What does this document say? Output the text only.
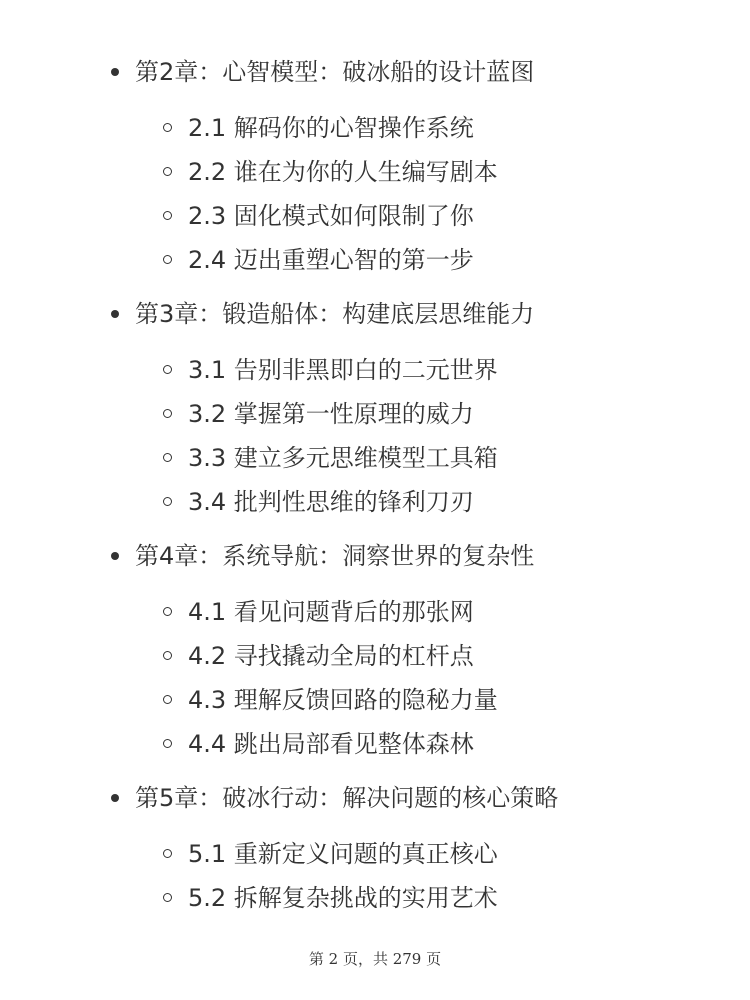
第2章：心智模型：破冰船的设计蓝图
2.1 解码你的心智操作系统
2.2 谁在为你的人生编写剧本
2.3 固化模式如何限制了你
2.4 迈出重塑心智的第一步
第3章：锻造船体：构建底层思维能力
3.1 告别非黑即白的二元世界
3.2 掌握第一性原理的威力
3.3 建立多元思维模型工具箱
3.4 批判性思维的锋利刀刃
第4章：系统导航：洞察世界的复杂性
4.1 看见问题背后的那张网
4.2 寻找撬动全局的杠杆点
4.3 理解反馈回路的隐秘力量
4.4 跳出局部看见整体森林
第5章：破冰行动：解决问题的核心策略
5.1 重新定义问题的真正核心
5.2 拆解复杂挑战的实用艺术
第 2 页，共 279 页
